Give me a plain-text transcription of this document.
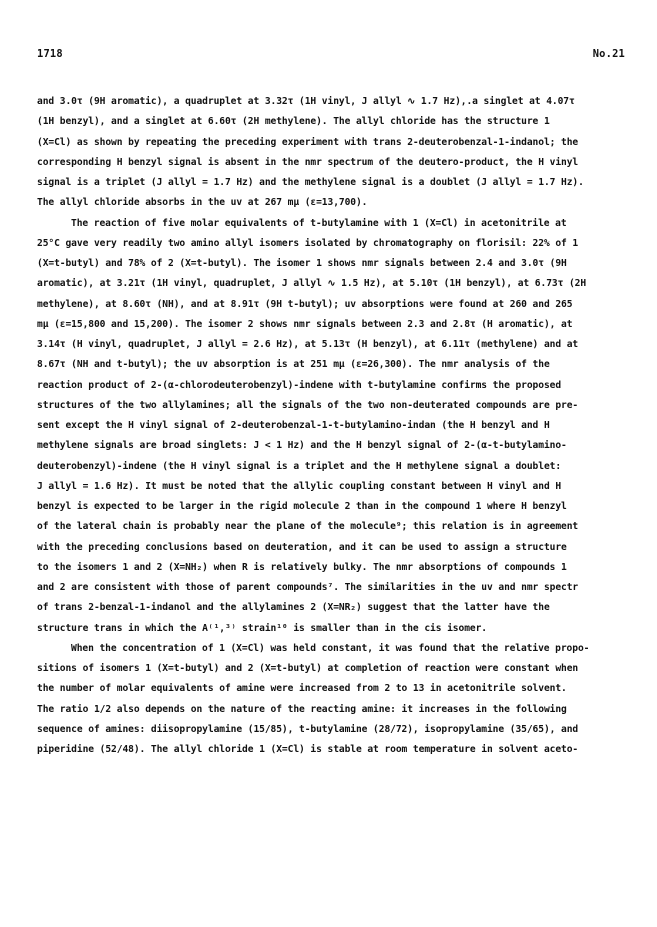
1718	No.21
and 3.0τ (9H aromatic), a quadruplet at 3.32τ (1H vinyl, J allyl ∿ 1.7 Hz),.a singlet at 4.07τ
(1H benzyl), and a singlet at 6.60τ (2H methylene). The allyl chloride has the structure 1
(X=Cl) as shown by repeating the preceding experiment with trans 2-deuterobenzal-1-indanol; the
corresponding H benzyl signal is absent in the nmr spectrum of the deutero-product, the H vinyl
signal is a triplet (J allyl = 1.7 Hz) and the methylene signal is a doublet (J allyl = 1.7 Hz).
The allyl chloride absorbs in the uv at 267 mμ (ε=13,700).
The reaction of five molar equivalents of t-butylamine with 1 (X=Cl) in acetonitrile at
25°C gave very readily two amino allyl isomers isolated by chromatography on florisil: 22% of 1
(X=t-butyl) and 78% of 2 (X=t-butyl). The isomer 1 shows nmr signals between 2.4 and 3.0τ (9H
aromatic), at 3.21τ (1H vinyl, quadruplet, J allyl ∿ 1.5 Hz), at 5.10τ (1H benzyl), at 6.73τ (2H
methylene), at 8.60τ (NH), and at 8.91τ (9H t-butyl); uv absorptions were found at 260 and 265
mμ (ε=15,800 and 15,200). The isomer 2 shows nmr signals between 2.3 and 2.8τ (H aromatic), at
3.14τ (H vinyl, quadruplet, J allyl = 2.6 Hz), at 5.13τ (H benzyl), at 6.11τ (methylene) and at
8.67τ (NH and t-butyl); the uv absorption is at 251 mμ (ε=26,300). The nmr analysis of the
reaction product of 2-(α-chlorodeuterobenzyl)-indene with t-butylamine confirms the proposed
structures of the two allylamines; all the signals of the two non-deuterated compounds are pre-
sent except the H vinyl signal of 2-deuterobenzal-1-t-butylamino-indan (the H benzyl and H
methylene signals are broad singlets: J < 1 Hz) and the H benzyl signal of 2-(α-t-butylamino-
deuterobenzyl)-indene (the H vinyl signal is a triplet and the H methylene signal a doublet:
J allyl = 1.6 Hz). It must be noted that the allylic coupling constant between H vinyl and H
benzyl is expected to be larger in the rigid molecule 2 than in the compound 1 where H benzyl
of the lateral chain is probably near the plane of the molecule⁹; this relation is in agreement
with the preceding conclusions based on deuteration, and it can be used to assign a structure
to the isomers 1 and 2 (X=NH₂) when R is relatively bulky. The nmr absorptions of compounds 1
and 2 are consistent with those of parent compounds⁷. The similarities in the uv and nmr spectr
of trans 2-benzal-1-indanol and the allylamines 2 (X=NR₂) suggest that the latter have the
structure trans in which the A⁽¹,³⁾ strain¹⁰ is smaller than in the cis isomer.
When the concentration of 1 (X=Cl) was held constant, it was found that the relative propo-
sitions of isomers 1 (X=t-butyl) and 2 (X=t-butyl) at completion of reaction were constant when
the number of molar equivalents of amine were increased from 2 to 13 in acetonitrile solvent.
The ratio 1/2 also depends on the nature of the reacting amine: it increases in the following
sequence of amines: diisopropylamine (15/85), t-butylamine (28/72), isopropylamine (35/65), and
piperidine (52/48). The allyl chloride 1 (X=Cl) is stable at room temperature in solvent aceto-
